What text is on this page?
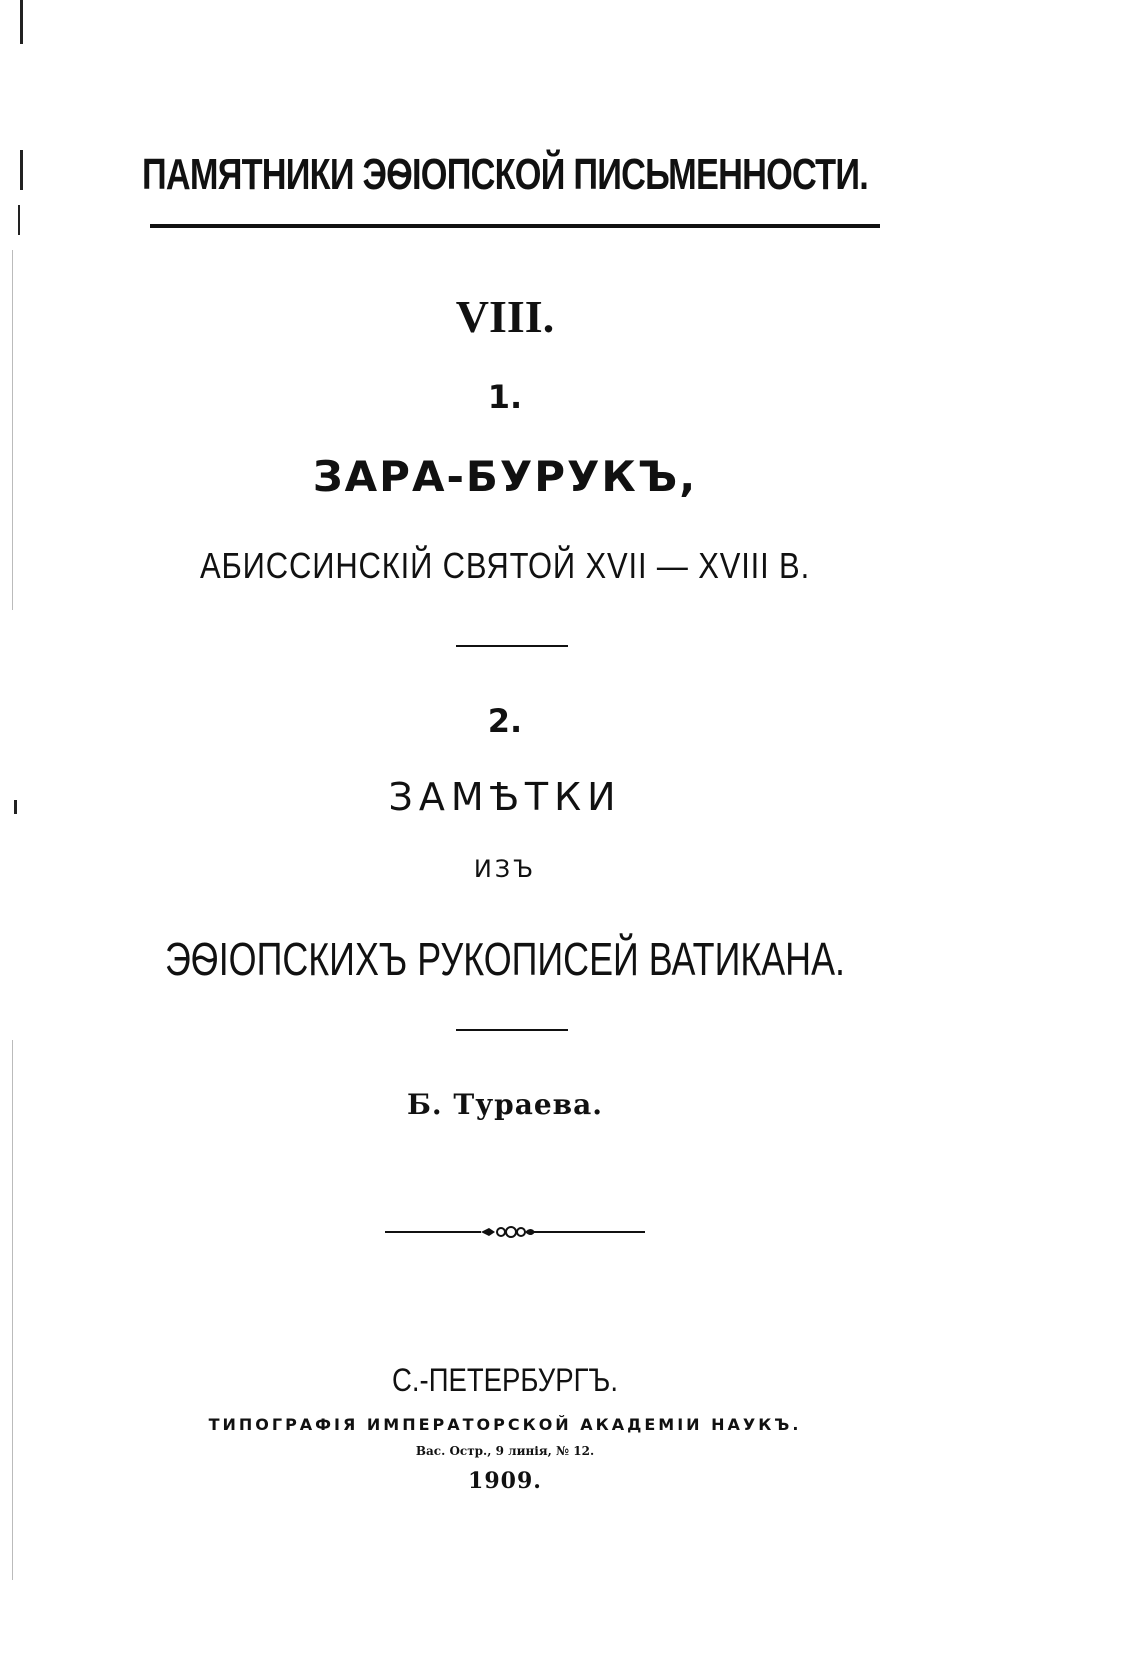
ПАМЯТНИКИ ЭѲІОПСКОЙ ПИСЬМЕННОСТИ.
VIII.
1.
ЗАРА-БУРУКЪ,
АБИССИНСКІЙ СВЯТОЙ XVII — XVIII В.
2.
ЗАМѢТКИ
ИЗЪ
ЭѲІОПСКИХЪ РУКОПИСЕЙ ВАТИКАНА.
Б. Тураева.
С.-ПЕТЕРБУРГЪ.
ТИПОГРАФІЯ ИМПЕРАТОРСКОЙ АКАДЕМІИ НАУКЪ.
Вас. Остр., 9 линія, № 12.
1909.
